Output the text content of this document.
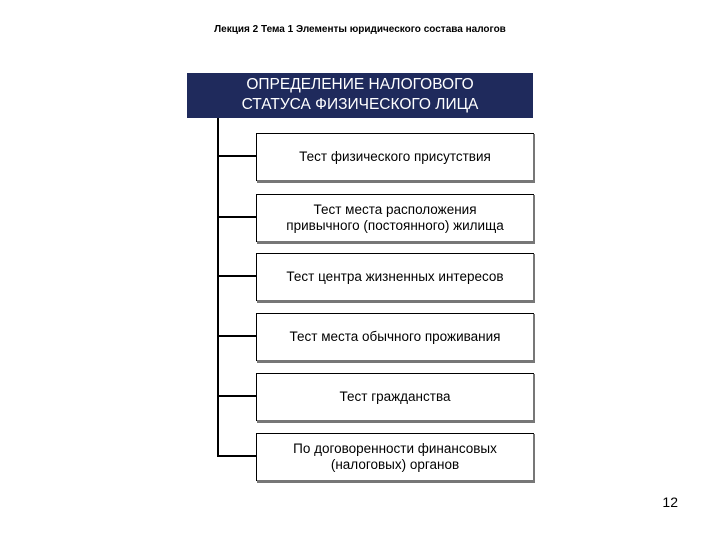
Лекция 2 Тема 1 Элементы юридического состава налогов
ОПРЕДЕЛЕНИЕ НАЛОГОВОГО
СТАТУСА ФИЗИЧЕСКОГО ЛИЦА
Тест физического присутствия
Тест места расположения
привычного (постоянного) жилища
Тест центра жизненных интересов
Тест места обычного проживания
Тест гражданства
По договоренности финансовых
(налоговых) органов
12
